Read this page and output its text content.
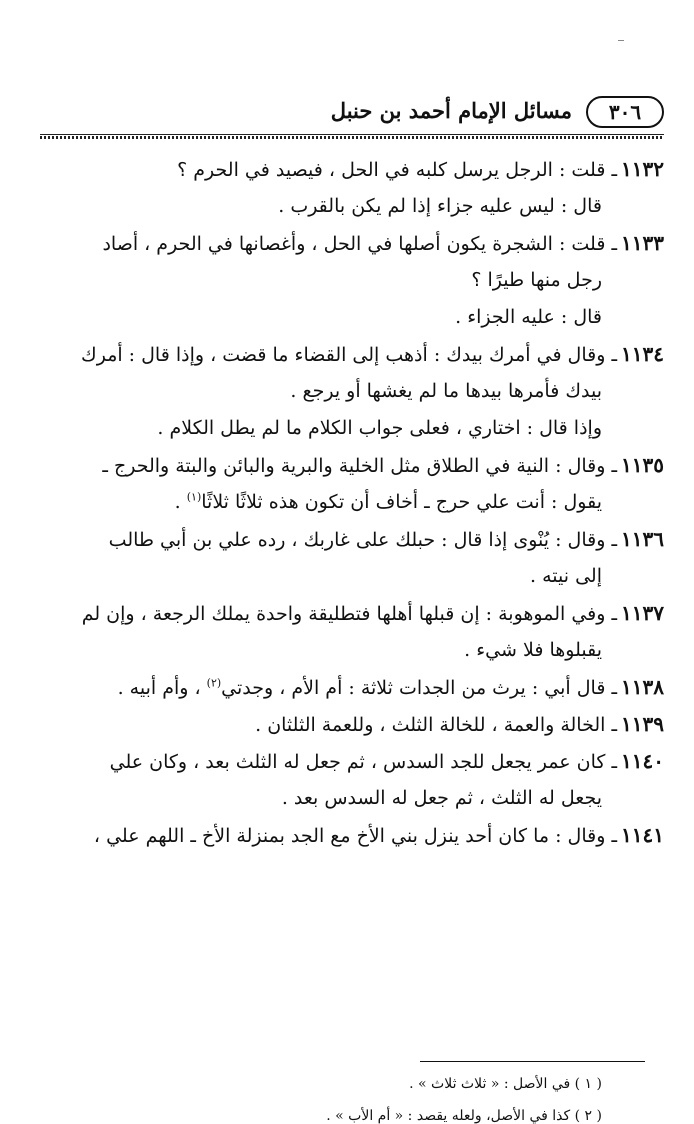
٣٠٦
مسائل الإمام أحمد بن حنبل
١١٣٢ـ قلت : الرجل يرسل كلبه في الحل ، فيصيد في الحرم ؟
قال : ليس عليه جزاء إذا لم يكن بالقرب .
١١٣٣ـ قلت : الشجرة يكون أصلها في الحل ، وأغصانها في الحرم ، أصاد
رجل منها طيرًا ؟
قال : عليه الجزاء .
١١٣٤ـ وقال في أمرك بيدك : أذهب إلى القضاء ما قضت ، وإذا قال : أمرك
بيدك فأمرها بيدها ما لم يغشها أو يرجع .
وإذا قال : اختاري ، فعلى جواب الكلام ما لم يطل الكلام .
١١٣٥ـ وقال : النية في الطلاق مثل الخلية والبرية والبائن والبتة والحرج ـ
يقول : أنت علي حرج ـ أخاف أن تكون هذه ثلاثًا ثلاثًا$^{(١)}$ .
١١٣٦ـ وقال : يُنْوى إذا قال : حبلك على غاربك ، رده علي بن أبي طالب
إلى نيته .
١١٣٧ـ وفي الموهوبة : إن قبلها أهلها فتطليقة واحدة يملك الرجعة ، وإن لم
يقبلوها فلا شيء .
١١٣٨ـ قال أبي : يرث من الجدات ثلاثة : أم الأم ، وجدتي$^{(٢)}$ ، وأم أبيه .
١١٣٩ـ الخالة والعمة ، للخالة الثلث ، وللعمة الثلثان .
١١٤٠ـ كان عمر يجعل للجد السدس ، ثم جعل له الثلث بعد ، وكان علي
يجعل له الثلث ، ثم جعل له السدس بعد .
١١٤١ـ وقال : ما كان أحد ينزل بني الأخ مع الجد بمنزلة الأخ ـ اللهم علي ،
( ١ ) في الأصل : « ثلاث ثلاث » .
( ٢ ) كذا في الأصل، ولعله يقصد : « أم الأب » .
